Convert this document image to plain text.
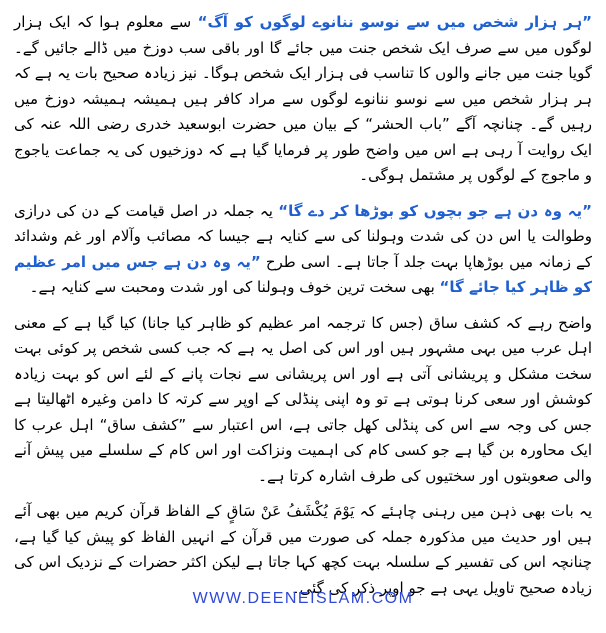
”ہر ہزار شخص میں سے نوسو ننانوے لوگوں کو آگ“ سے معلوم ہوا کہ ایک ہزار لوگوں میں سے صرف ایک شخص جنت میں جائے گا اور باقی سب دوزخ میں ڈالے جائیں گے۔ گویا جنت میں جانے والوں کا تناسب فی ہزار ایک شخص ہوگا۔ نیز زیادہ صحیح بات یہ ہے کہ ہر ہزار شخص میں سے نوسو ننانوے لوگوں سے مراد کافر ہیں ہمیشہ ہمیشہ دوزخ میں رہیں گے۔ چنانچہ آگے ”باب الحشر“ کے بیان میں حضرت ابوسعید خدری رضی اللہ عنہ کی ایک روایت آ رہی ہے اس میں واضح طور پر فرمایا گیا ہے کہ دوزخیوں کی یہ جماعت یاجوج و ماجوج کے لوگوں پر مشتمل ہوگی۔

”یہ وہ دن ہے جو بچوں کو بوڑھا کر دے گا“ یہ جملہ در اصل قیامت کے دن کی درازی وطوالت یا اس دن کی شدت وہولنا کی سے کنایہ ہے جیسا کہ مصائب وآلام اور غم وشدائد کے زمانہ میں بوڑھاپا بہت جلد آ جاتا ہے۔ اسی طرح ”یہ وہ دن ہے جس میں امر عظیم کو ظاہر کیا جائے گا“ بھی سخت ترین خوف وہولنا کی اور شدت ومحبت سے کنایہ ہے۔

واضح رہے کہ کشف ساق (جس کا ترجمہ امر عظیم کو ظاہر کیا جانا) کیا گیا ہے کے معنی اہل عرب میں بہی مشہور ہیں اور اس کی اصل یہ ہے کہ جب کسی شخص پر کوئی بہت سخت مشکل و پریشانی آتی ہے اور اس پریشانی سے نجات پانے کے لئے اس کو بہت زیادہ کوشش اور سعی کرنا ہوتی ہے تو وہ اپنی پنڈلی کے اوپر سے کرتہ کا دامن وغیرہ اٹھالیتا ہے جس کی وجہ سے اس کی پنڈلی کھل جاتی ہے، اس اعتبار سے ”کشف ساق“ اہل عرب کا ایک محاورہ بن گیا ہے جو کسی کام کی اہمیت ونزاکت اور اس کام کے سلسلے میں پیش آنے والی صعوبتوں اور سختیوں کی طرف اشارہ کرتا ہے۔

یہ بات بھی ذہن میں رہنی چاہئے کہ يَوْمَ يُكْشَفُ عَنْ سَاقٍ کے الفاظ قرآن کریم میں بھی آئے ہیں اور حدیث میں مذکورہ جملہ کی صورت میں قرآن کے انہیں الفاظ کو پیش کیا گیا ہے، چنانچہ اس کی تفسیر کے سلسلہ بہت کچھ کہا جاتا ہے لیکن اکثر حضرات کے نزدیک اس کی زیادہ صحیح تاویل یہی ہے جو اوپر ذکر کی گئی۔

WWW.DEENEISLAM.COM
